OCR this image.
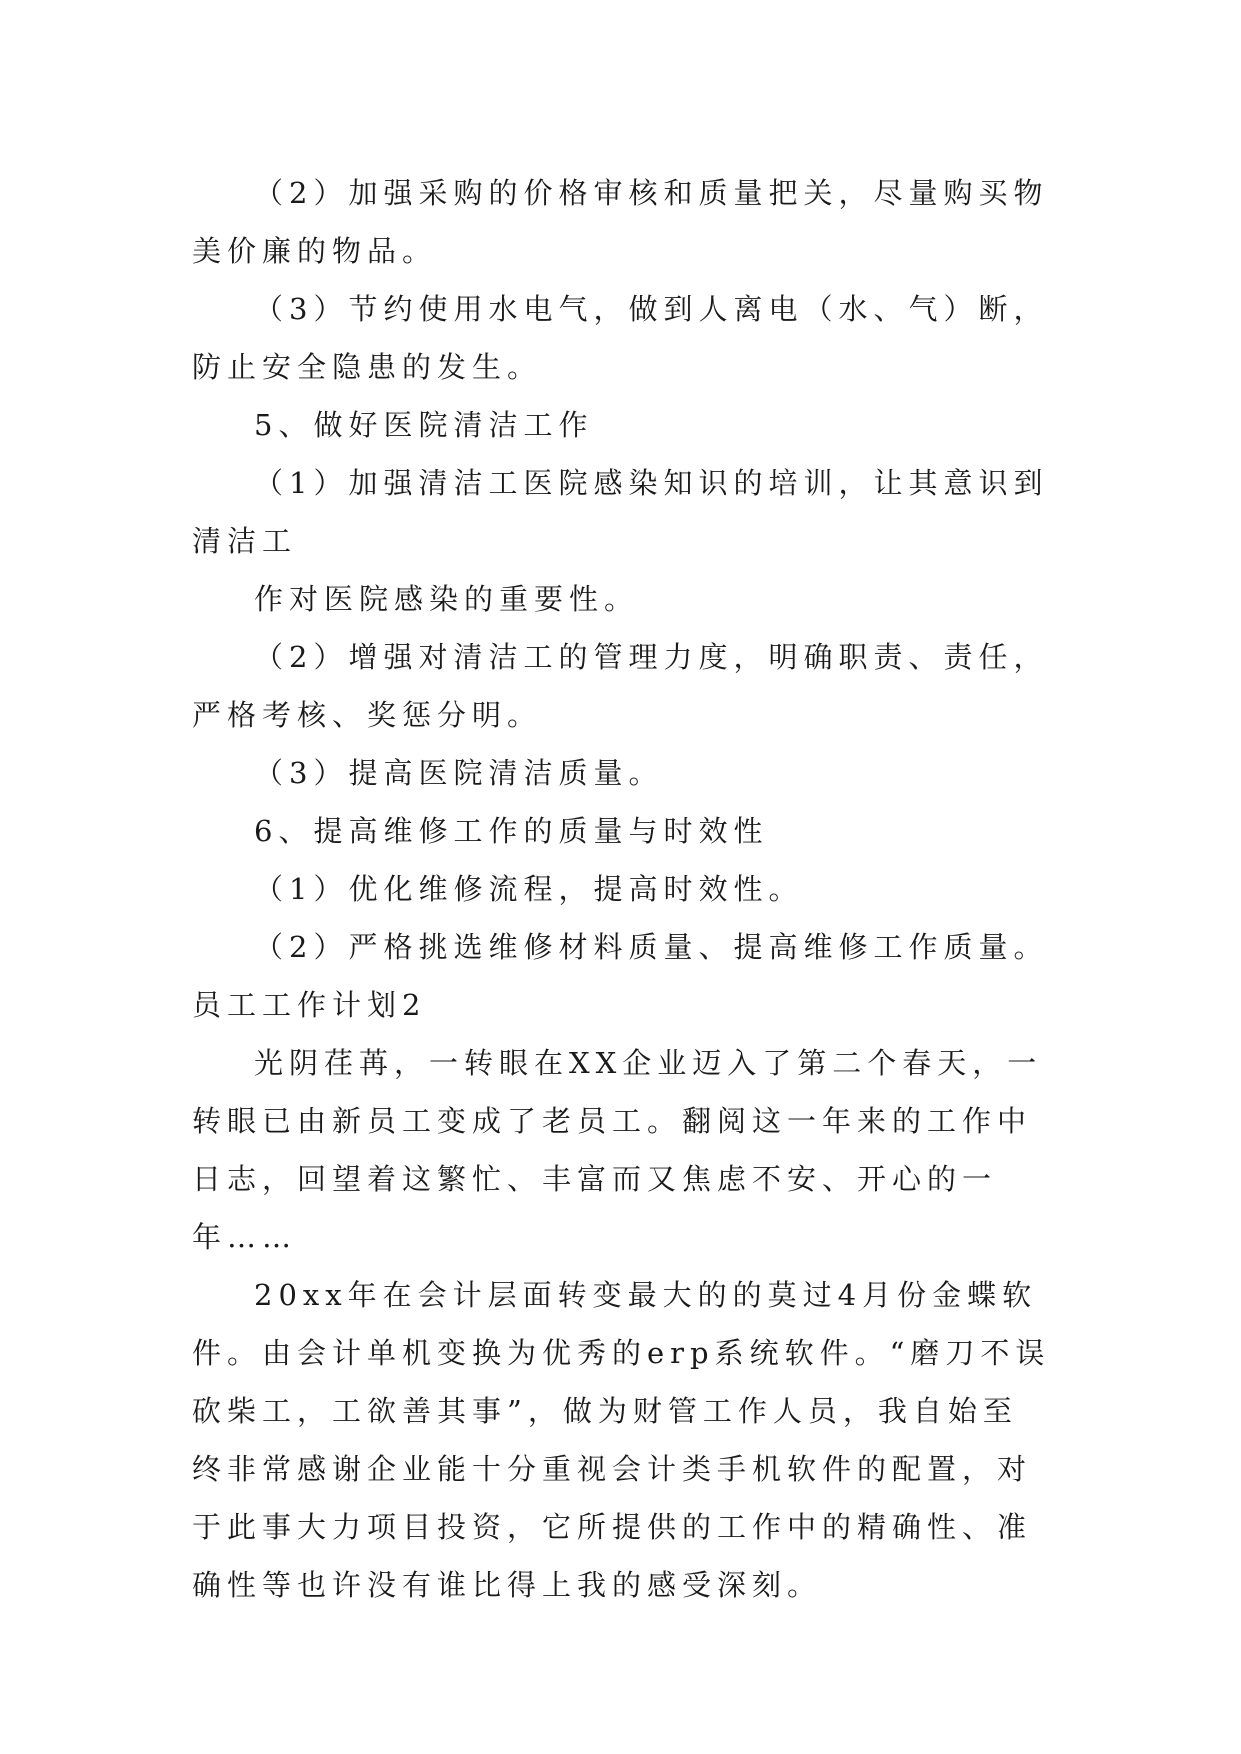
（2）加强采购的价格审核和质量把关，尽量购买物美价廉的物品。

（3）节约使用水电气，做到人离电（水、气）断，防止安全隐患的发生。

5、做好医院清洁工作

（1）加强清洁工医院感染知识的培训，让其意识到清洁工

作对医院感染的重要性。

（2）增强对清洁工的管理力度，明确职责、责任，严格考核、奖惩分明。

（3）提高医院清洁质量。

6、提高维修工作的质量与时效性

（1）优化维修流程，提高时效性。

（2）严格挑选维修材料质量、提高维修工作质量。

员工工作计划2

光阴荏苒，一转眼在XX企业迈入了第二个春天，一转眼已由新员工变成了老员工。翻阅这一年来的工作中日志，回望着这繁忙、丰富而又焦虑不安、开心的一年……

20xx年在会计层面转变最大的的莫过4月份金蝶软件。由会计单机变换为优秀的erp系统软件。“磨刀不误砍柴工，工欲善其事”，做为财管工作人员，我自始至终非常感谢企业能十分重视会计类手机软件的配置，对于此事大力项目投资，它所提供的工作中的精确性、准确性等也许没有谁比得上我的感受深刻。
